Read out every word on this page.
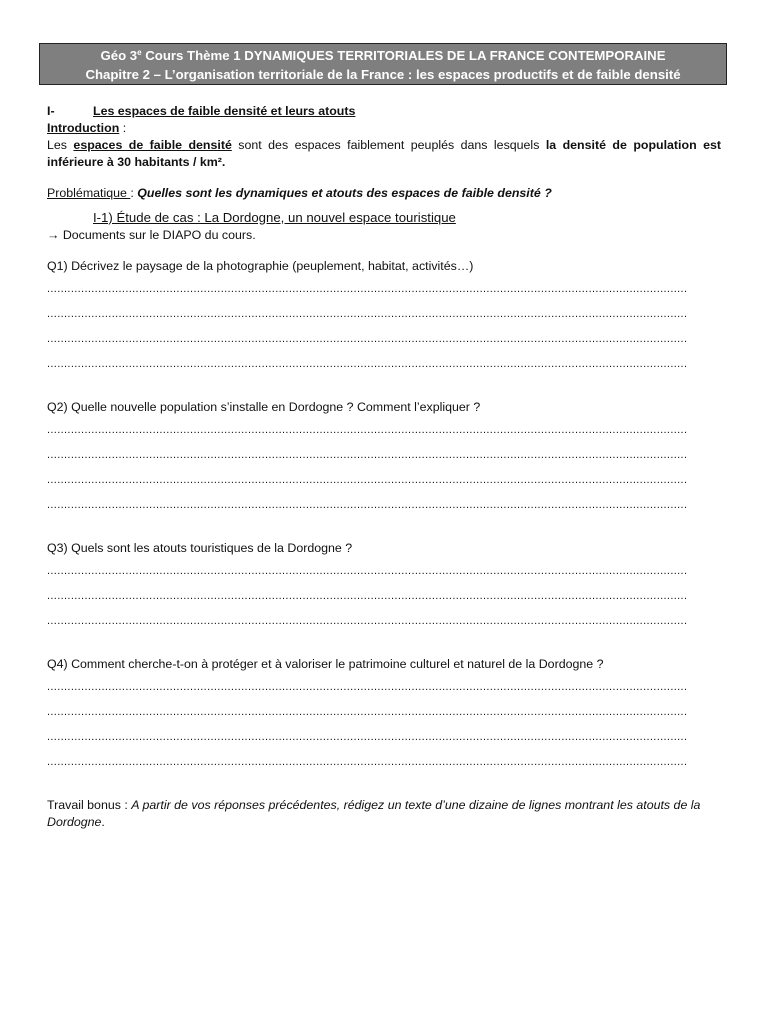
Géo 3e Cours Thème 1 DYNAMIQUES TERRITORIALES DE LA FRANCE CONTEMPORAINE
Chapitre 2 – L’organisation territoriale de la France : les espaces productifs et de faible densité
I-	Les espaces de faible densité et leurs atouts
Introduction :
Les espaces de faible densité sont des espaces faiblement peuplés dans lesquels la densité de population est inférieure à 30 habitants / km².
Problématique : Quelles sont les dynamiques et atouts des espaces de faible densité ?
I-1) Étude de cas : La Dordogne, un nouvel espace touristique
→ Documents sur le DIAPO du cours.
Q1) Décrivez le paysage de la photographie (peuplement, habitat, activités…)
............................................................................................................................................................................................
............................................................................................................................................................................................
............................................................................................................................................................................................
............................................................................................................................................................................................
Q2) Quelle nouvelle population s’installe en Dordogne ? Comment l’expliquer ?
............................................................................................................................................................................................
............................................................................................................................................................................................
............................................................................................................................................................................................
............................................................................................................................................................................................
Q3) Quels sont les atouts touristiques de la Dordogne ?
............................................................................................................................................................................................
............................................................................................................................................................................................
............................................................................................................................................................................................
Q4) Comment cherche-t-on à protéger et à valoriser le patrimoine culturel et naturel de la Dordogne ?
............................................................................................................................................................................................
............................................................................................................................................................................................
............................................................................................................................................................................................
............................................................................................................................................................................................
Travail bonus : A partir de vos réponses précédentes, rédigez un texte d’une dizaine de lignes montrant les atouts de la Dordogne.
